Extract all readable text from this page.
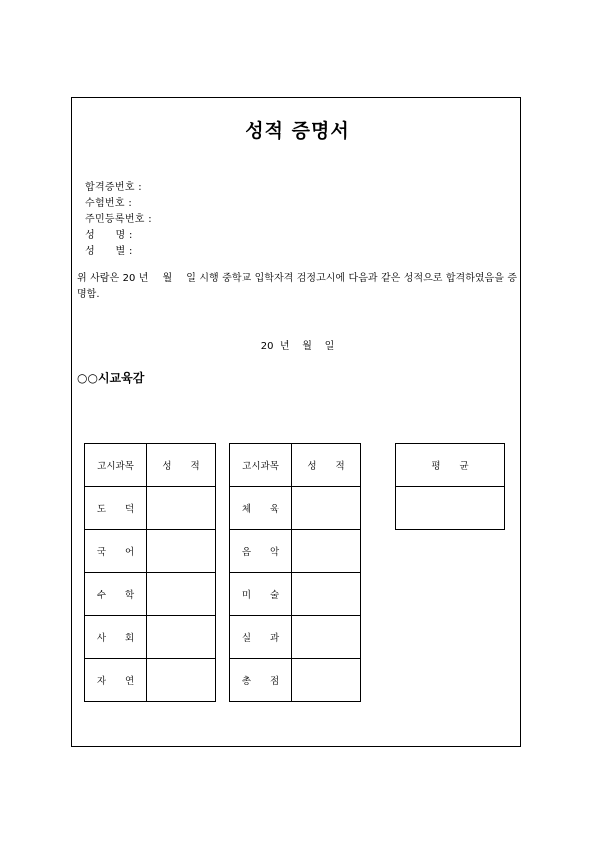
성적 증명서
합격증번호 :
수험번호 :
주민등록번호 :
성　　명 :
성　　별 :
위 사람은 20 년　 월　 일 시행 중학교 입학자격 검정고시에 다음과 같은 성적으로 합격하였음을 증명함.
20  년    월    일
○○시교육감
고시과목	성　　적
도　　덕	
국　　어	
수　　학	
사　　회	
자　　연	
고시과목	성　　적
체　　육	
음　　악	
미　　술	
실　　과	
총　　점	
평　　균
